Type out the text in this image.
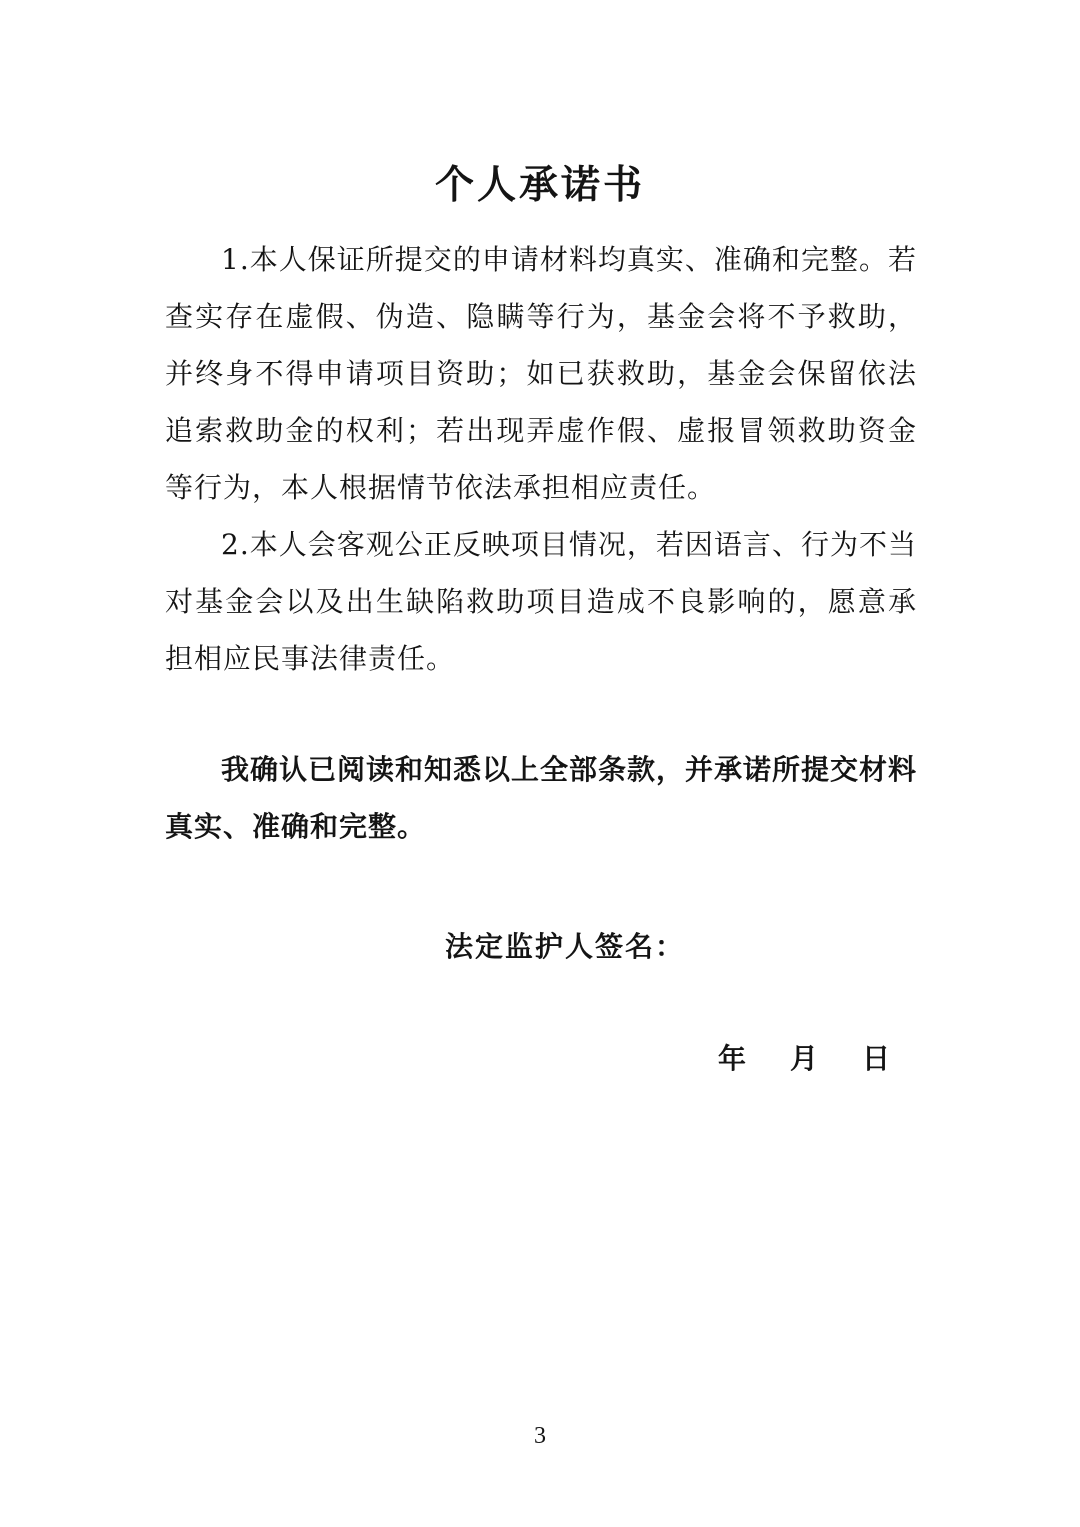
个人承诺书

1.本人保证所提交的申请材料均真实、准确和完整。若查实存在虚假、伪造、隐瞒等行为，基金会将不予救助，并终身不得申请项目资助；如已获救助，基金会保留依法追索救助金的权利；若出现弄虚作假、虚报冒领救助资金等行为，本人根据情节依法承担相应责任。

2.本人会客观公正反映项目情况，若因语言、行为不当对基金会以及出生缺陷救助项目造成不良影响的，愿意承担相应民事法律责任。

我确认已阅读和知悉以上全部条款，并承诺所提交材料真实、准确和完整。

法定监护人签名：
年 月 日
3
